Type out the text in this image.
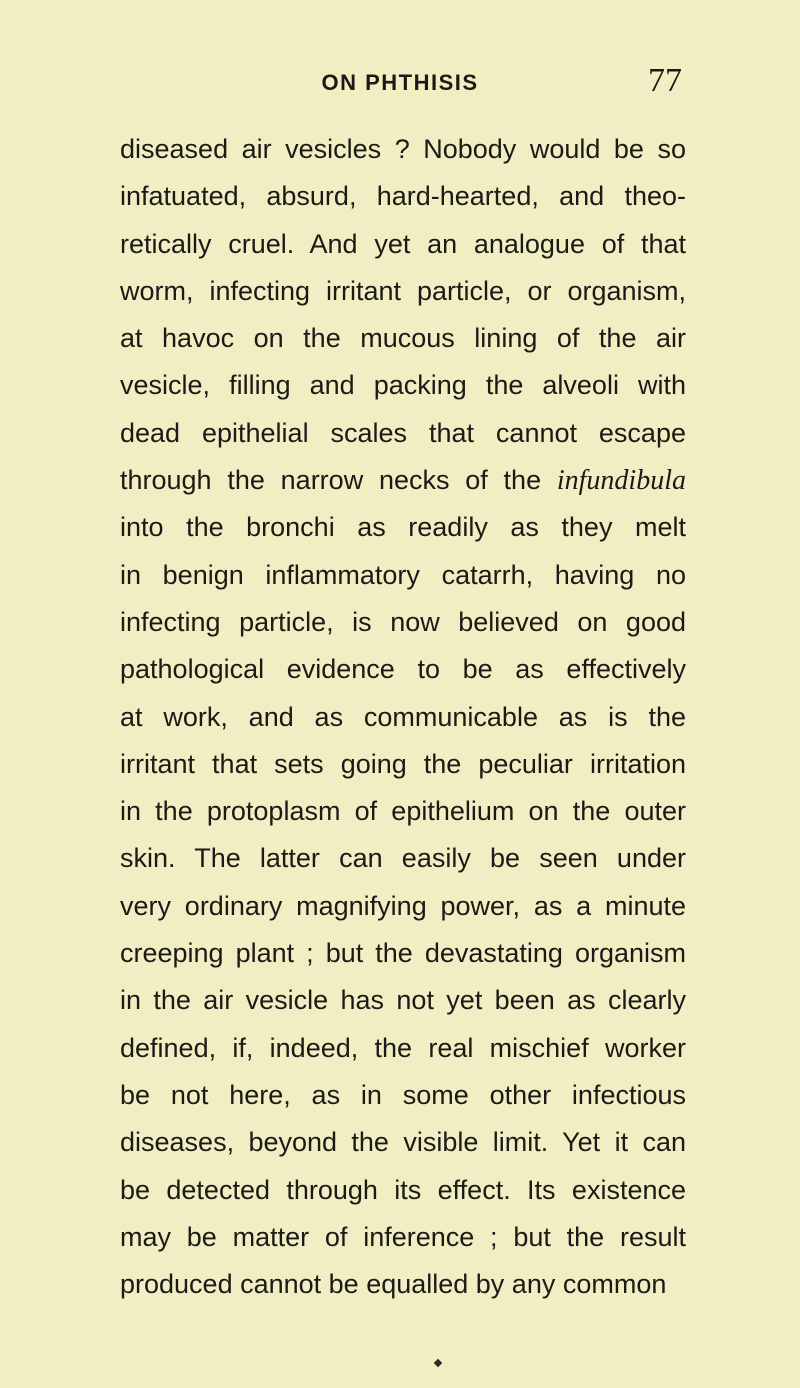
ON PHTHISIS	77
diseased air vesicles ? Nobody would be so
infatuated, absurd, hard-hearted, and theo-
retically cruel. And yet an analogue of that
worm, infecting irritant particle, or organism,
at havoc on the mucous lining of the air
vesicle, filling and packing the alveoli with
dead epithelial scales that cannot escape
through the narrow necks of the infundibula
into the bronchi as readily as they melt
in benign inflammatory catarrh, having no
infecting particle, is now believed on good
pathological evidence to be as effectively
at work, and as communicable as is the
irritant that sets going the peculiar irritation
in the protoplasm of epithelium on the outer
skin. The latter can easily be seen under
very ordinary magnifying power, as a minute
creeping plant ; but the devastating organism
in the air vesicle has not yet been as clearly
defined, if, indeed, the real mischief worker
be not here, as in some other infectious
diseases, beyond the visible limit. Yet it can
be detected through its effect. Its existence
may be matter of inference ; but the result
produced cannot be equalled by any common
